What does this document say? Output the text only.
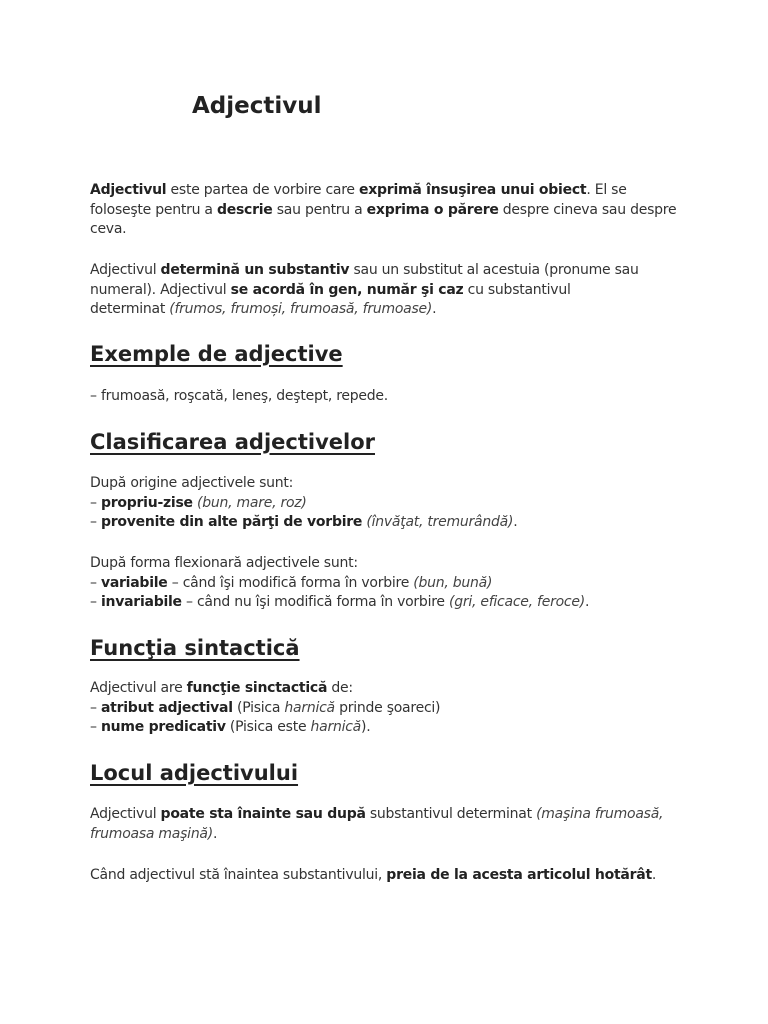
Adjectivul

Adjectivul este partea de vorbire care exprimă însuşirea unui obiect. El se
foloseşte pentru a descrie sau pentru a exprima o părere despre cineva sau despre
ceva.

Adjectivul determină un substantiv sau un substitut al acestuia (pronume sau
numeral). Adjectivul se acordă în gen, număr şi caz cu substantivul
determinat (frumos, frumoși, frumoasă, frumoase).

Exemple de adjective

– frumoasă, roşcată, leneş, deştept, repede.

Clasificarea adjectivelor

După origine adjectivele sunt:
– propriu-zise (bun, mare, roz)
– provenite din alte părţi de vorbire (învăţat, tremurândă).

După forma flexionară adjectivele sunt:
– variabile – când îşi modifică forma în vorbire (bun, bună)
– invariabile – când nu îşi modifică forma în vorbire (gri, eficace, feroce).

Funcţia sintactică

Adjectivul are funcţie sinctactică de:
– atribut adjectival (Pisica harnică prinde şoareci)
– nume predicativ (Pisica este harnică).

Locul adjectivului

Adjectivul poate sta înainte sau după substantivul determinat (maşina frumoasă,
frumoasa maşină).

Când adjectivul stă înaintea substantivului, preia de la acesta articolul hotărât.
